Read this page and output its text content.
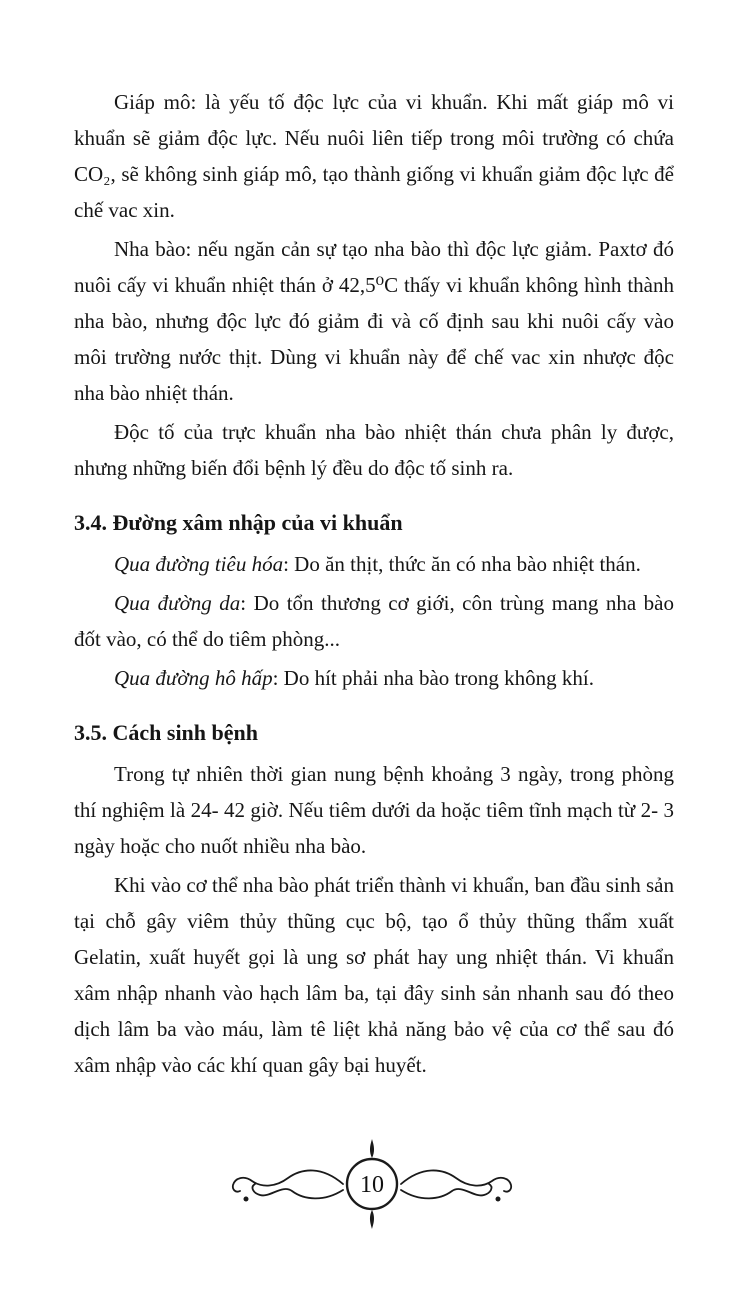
Giáp mô: là yếu tố độc lực của vi khuẩn. Khi mất giáp mô vi khuẩn sẽ giảm độc lực. Nếu nuôi liên tiếp trong môi trường có chứa CO₂, sẽ không sinh giáp mô, tạo thành giống vi khuẩn giảm độc lực để chế vac xin.

Nha bào: nếu ngăn cản sự tạo nha bào thì độc lực giảm. Paxtơ đó nuôi cấy vi khuẩn nhiệt thán ở 42,5⁰C thấy vi khuẩn không hình thành nha bào, nhưng độc lực đó giảm đi và cố định sau khi nuôi cấy vào môi trường nước thịt. Dùng vi khuẩn này để chế vac xin nhược độc nha bào nhiệt thán.

Độc tố của trực khuẩn nha bào nhiệt thán chưa phân ly được, nhưng những biến đổi bệnh lý đều do độc tố sinh ra.

3.4. Đường xâm nhập của vi khuẩn

Qua đường tiêu hóa: Do ăn thịt, thức ăn có nha bào nhiệt thán.

Qua đường da: Do tổn thương cơ giới, côn trùng mang nha bào đốt vào, có thể do tiêm phòng...

Qua đường hô hấp: Do hít phải nha bào trong không khí.

3.5. Cách sinh bệnh

Trong tự nhiên thời gian nung bệnh khoảng 3 ngày, trong phòng thí nghiệm là 24- 42 giờ. Nếu tiêm dưới da hoặc tiêm tĩnh mạch từ 2- 3 ngày hoặc cho nuốt nhiều nha bào.

Khi vào cơ thể nha bào phát triển thành vi khuẩn, ban đầu sinh sản tại chỗ gây viêm thủy thũng cục bộ, tạo ổ thủy thũng thẩm xuất Gelatin, xuất huyết gọi là ung sơ phát hay ung nhiệt thán. Vi khuẩn xâm nhập nhanh vào hạch lâm ba, tại đây sinh sản nhanh sau đó theo dịch lâm ba vào máu, làm tê liệt khả năng bảo vệ của cơ thể sau đó xâm nhập vào các khí quan gây bại huyết.

10
